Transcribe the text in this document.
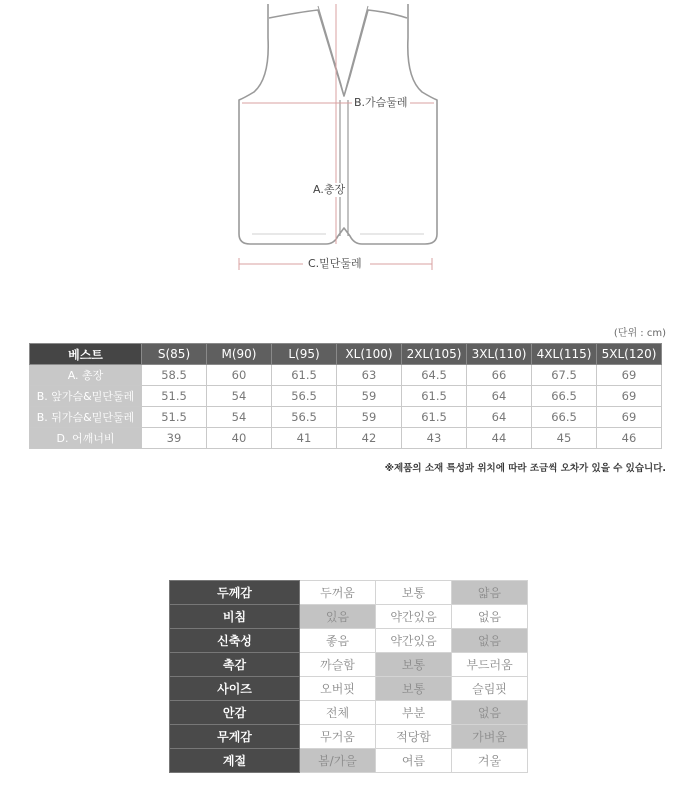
B.가슴둘레
A.총장
C.밑단둘레
(단위 : cm)
베스트	S(85)	M(90)	L(95)	XL(100)	2XL(105)	3XL(110)	4XL(115)	5XL(120)
A. 총장	58.5	60	61.5	63	64.5	66	67.5	69
B. 앞가슴&밑단둘레	51.5	54	56.5	59	61.5	64	66.5	69
B. 뒤가슴&밑단둘레	51.5	54	56.5	59	61.5	64	66.5	69
D. 어깨너비	39	40	41	42	43	44	45	46
※제품의 소재 특성과 위치에 따라 조금씩 오차가 있을 수 있습니다.
두께감	두꺼움	보통	얇음
비침	있음	약간있음	없음
신축성	좋음	약간있음	없음
촉감	까슬함	보통	부드러움
사이즈	오버핏	보통	슬림핏
안감	전체	부분	없음
무게감	무거움	적당함	가벼움
계절	봄/가을	여름	겨울
